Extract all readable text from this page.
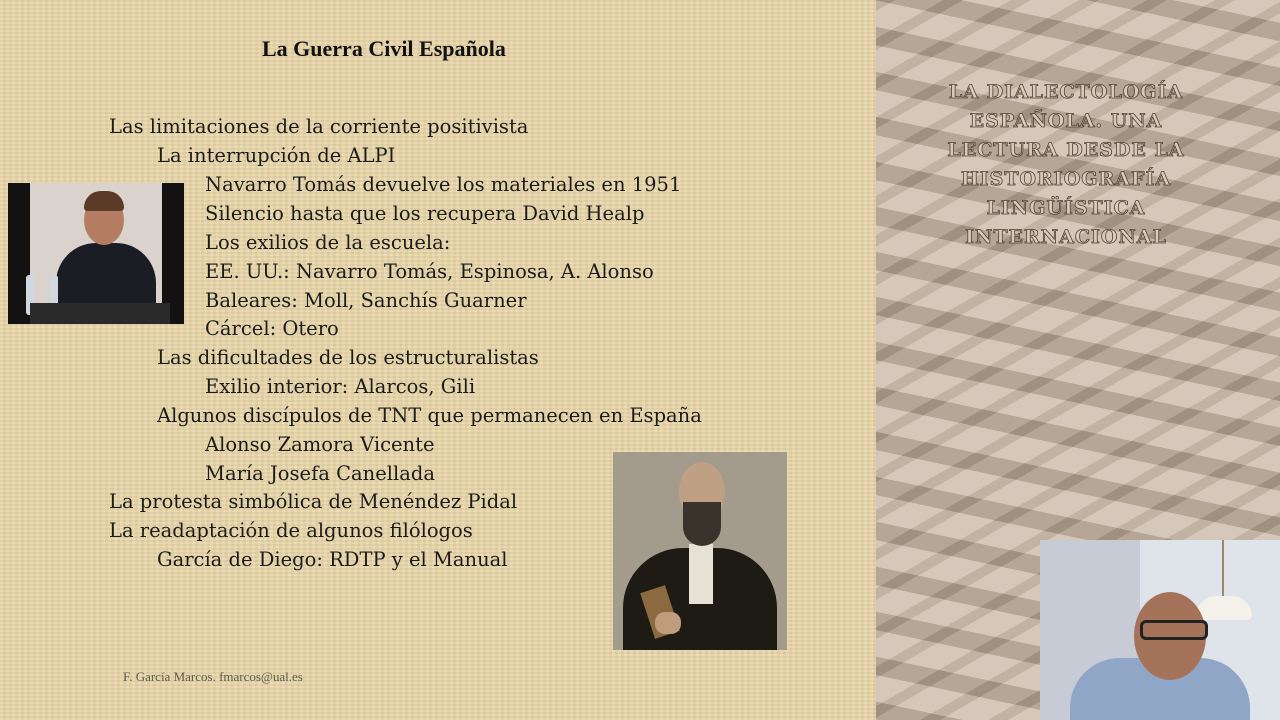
La Guerra Civil Española
Las limitaciones de la corriente positivista
La interrupción de ALPI
Navarro Tomás devuelve los materiales en 1951
Silencio hasta que los recupera David Healp
Los exilios de la escuela:
EE. UU.: Navarro Tomás, Espinosa, A. Alonso
Baleares: Moll, Sanchís Guarner
Cárcel: Otero
Las dificultades de los estructuralistas
Exilio interior: Alarcos, Gili
Algunos discípulos de TNT que permanecen en España
Alonso Zamora Vicente
María Josefa Canellada
La protesta simbólica de Menéndez Pidal
La readaptación de algunos filólogos
García de Diego: RDTP y el Manual
F. García Marcos. fmarcos@ual.es
LA DIALECTOLOGÍA ESPAÑOLA. UNA LECTURA DESDE LA HISTORIOGRAFÍA LINGÜÍSTICA INTERNACIONAL
